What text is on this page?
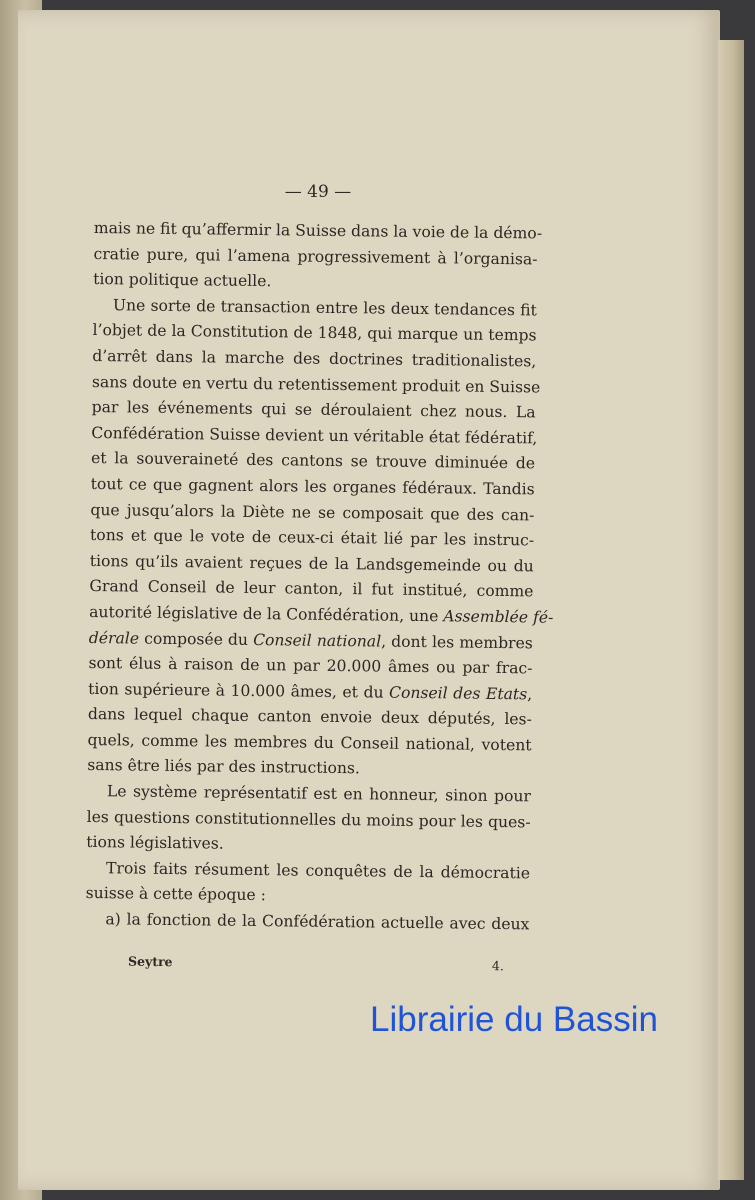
— 49 —
mais ne fit qu’affermir la Suisse dans la voie de la démo-
cratie pure, qui l’amena progressivement à l’organisa-
tion politique actuelle.
Une sorte de transaction entre les deux tendances fit
l’objet de la Constitution de 1848, qui marque un temps
d’arrêt dans la marche des doctrines traditionalistes,
sans doute en vertu du retentissement produit en Suisse
par les événements qui se déroulaient chez nous. La
Confédération Suisse devient un véritable état fédératif,
et la souveraineté des cantons se trouve diminuée de
tout ce que gagnent alors les organes fédéraux. Tandis
que jusqu’alors la Diète ne se composait que des can-
tons et que le vote de ceux-ci était lié par les instruc-
tions qu’ils avaient reçues de la Landsgemeinde ou du
Grand Conseil de leur canton, il fut institué, comme
autorité législative de la Confédération, une Assemblée fé-
dérale composée du Conseil national, dont les membres
sont élus à raison de un par 20.000 âmes ou par frac-
tion supérieure à 10.000 âmes, et du Conseil des Etats,
dans lequel chaque canton envoie deux députés, les-
quels, comme les membres du Conseil national, votent
sans être liés par des instructions.
Le système représentatif est en honneur, sinon pour
les questions constitutionnelles du moins pour les ques-
tions législatives.
Trois faits résument les conquêtes de la démocratie
suisse à cette époque :
a) la fonction de la Confédération actuelle avec deux
Seytre	4.
Librairie du Bassin
